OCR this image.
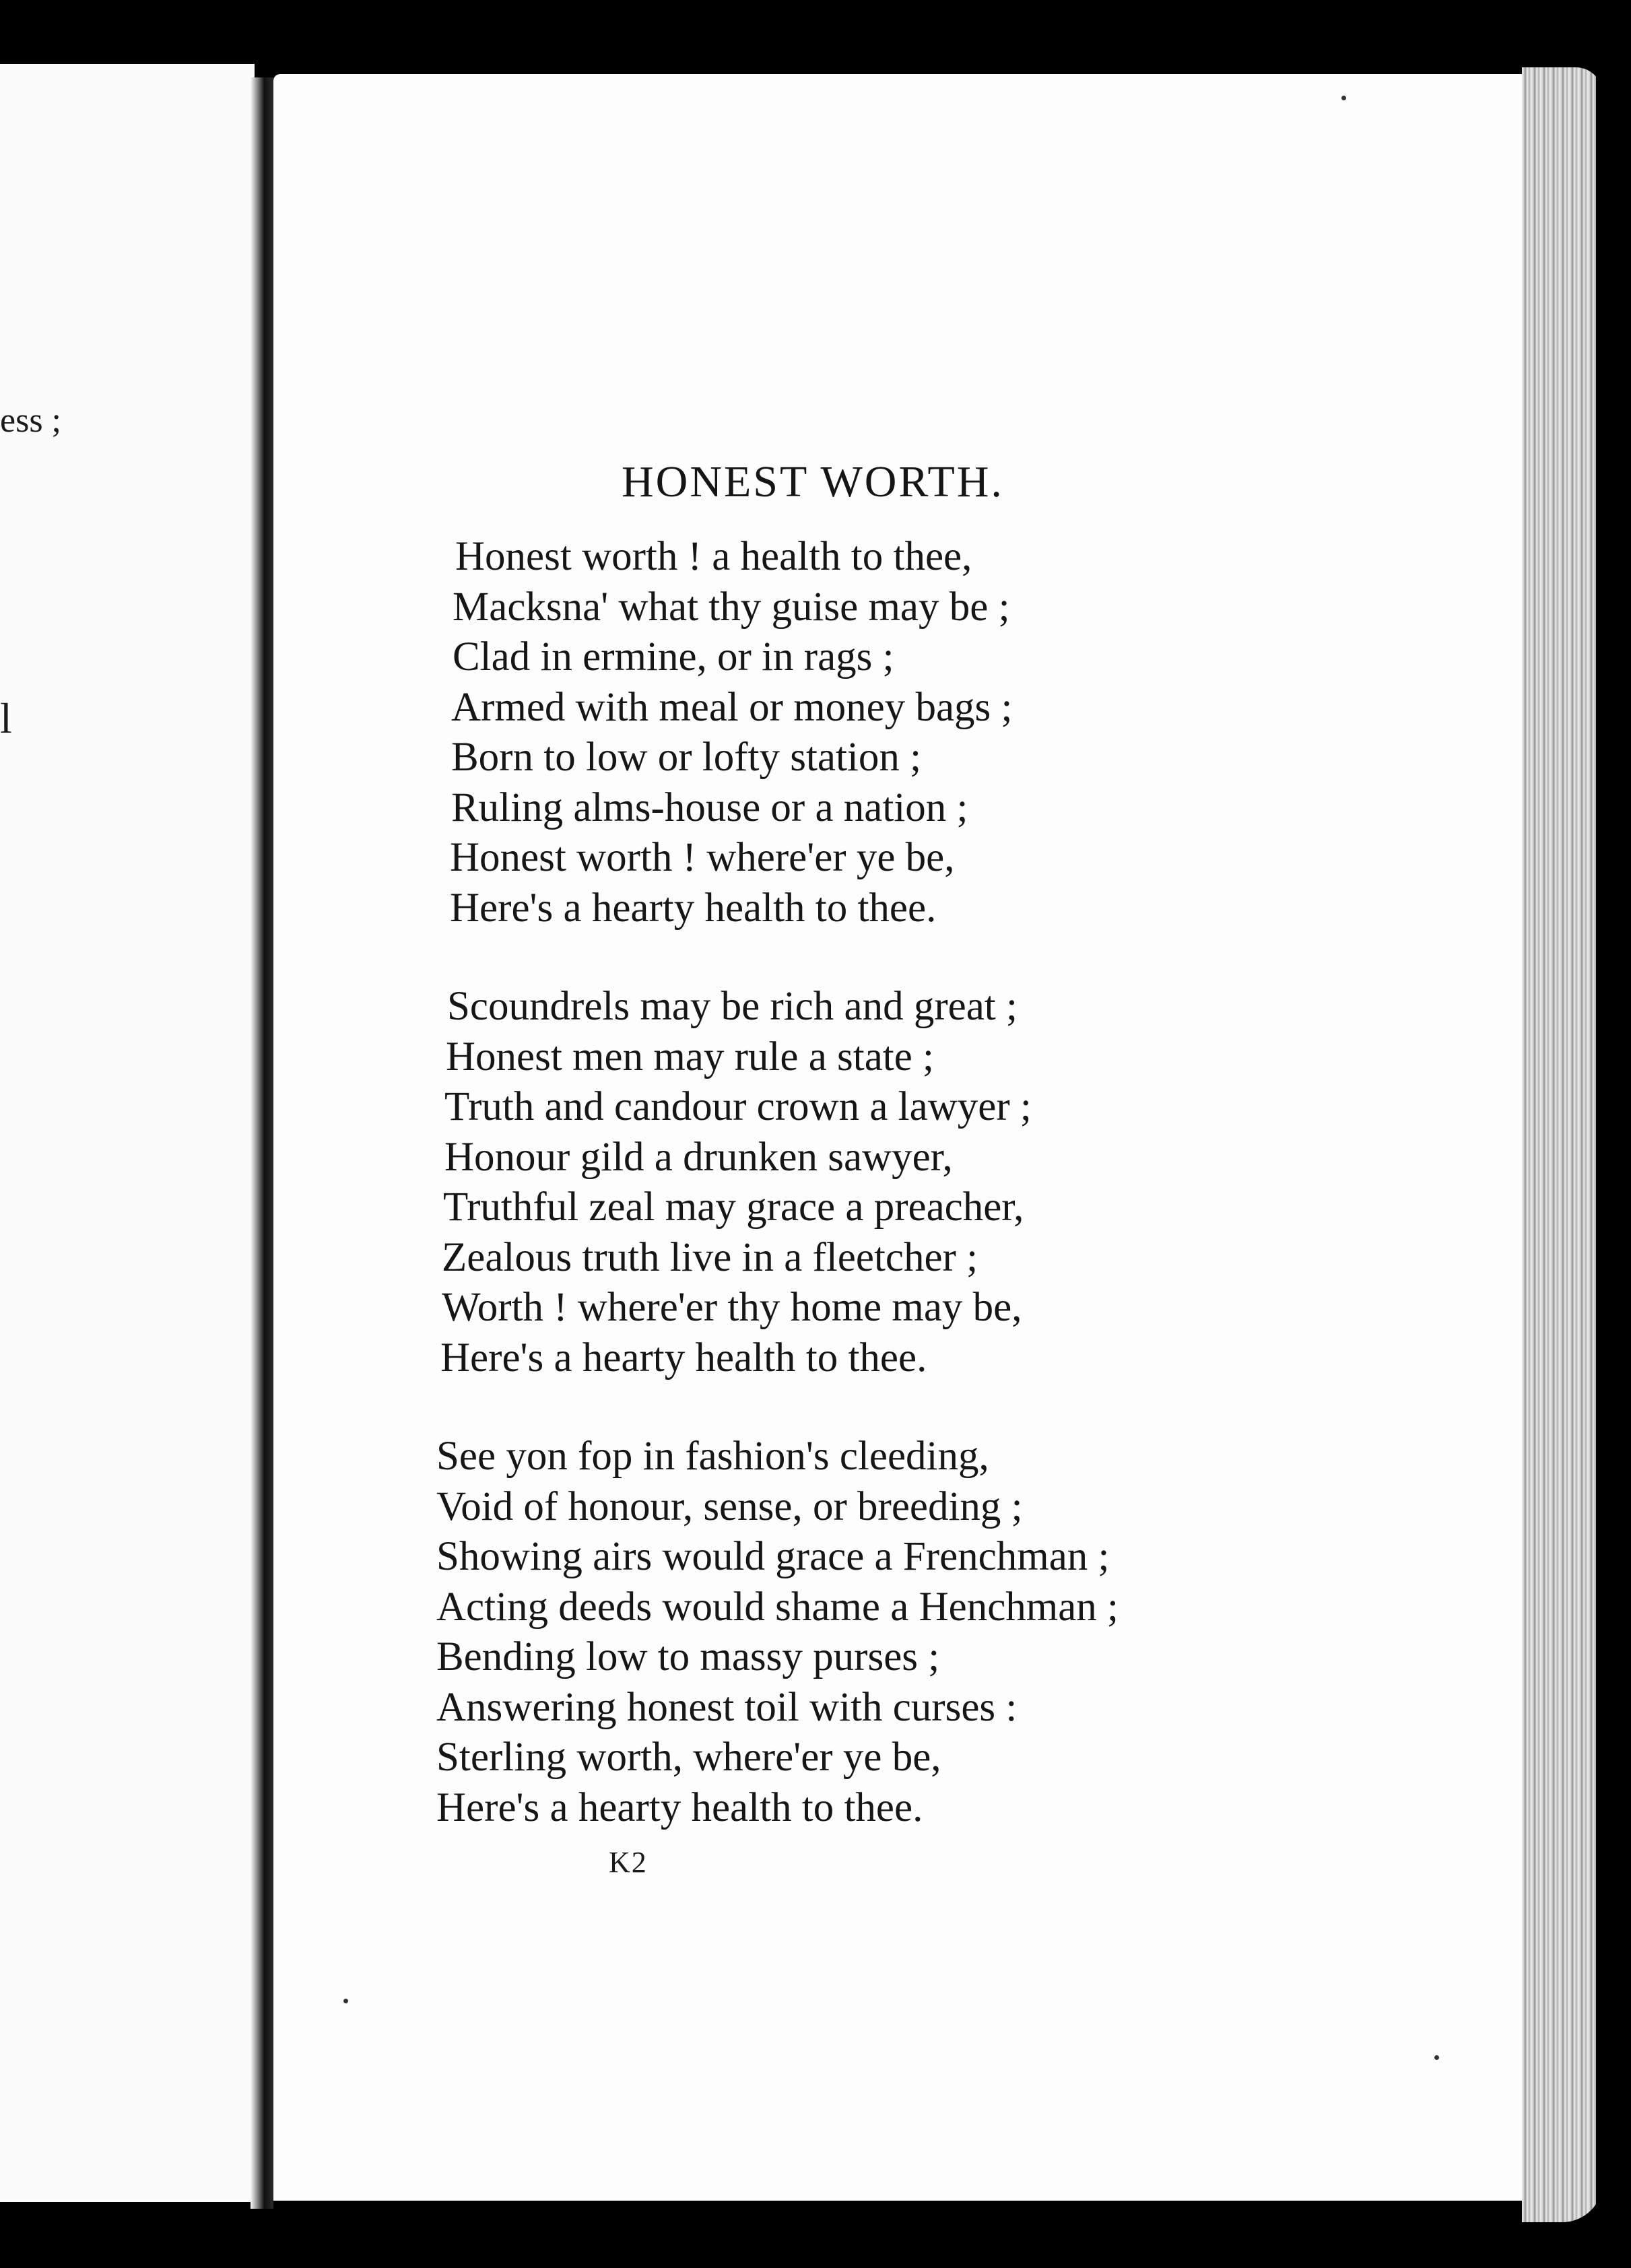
ess ;
l
HONEST WORTH.
Honest worth ! a health to thee,
Macksna' what thy guise may be ;
Clad in ermine, or in rags ;
Armed with meal or money bags ;
Born to low or lofty station ;
Ruling alms-house or a nation ;
Honest worth ! where'er ye be,
Here's a hearty health to thee.
Scoundrels may be rich and great ;
Honest men may rule a state ;
Truth and candour crown a lawyer ;
Honour gild a drunken sawyer,
Truthful zeal may grace a preacher,
Zealous truth live in a fleetcher ;
Worth ! where'er thy home may be,
Here's a hearty health to thee.
See yon fop in fashion's cleeding,
Void of honour, sense, or breeding ;
Showing airs would grace a Frenchman ;
Acting deeds would shame a Henchman ;
Bending low to massy purses ;
Answering honest toil with curses :
Sterling worth, where'er ye be,
Here's a hearty health to thee.
K2
